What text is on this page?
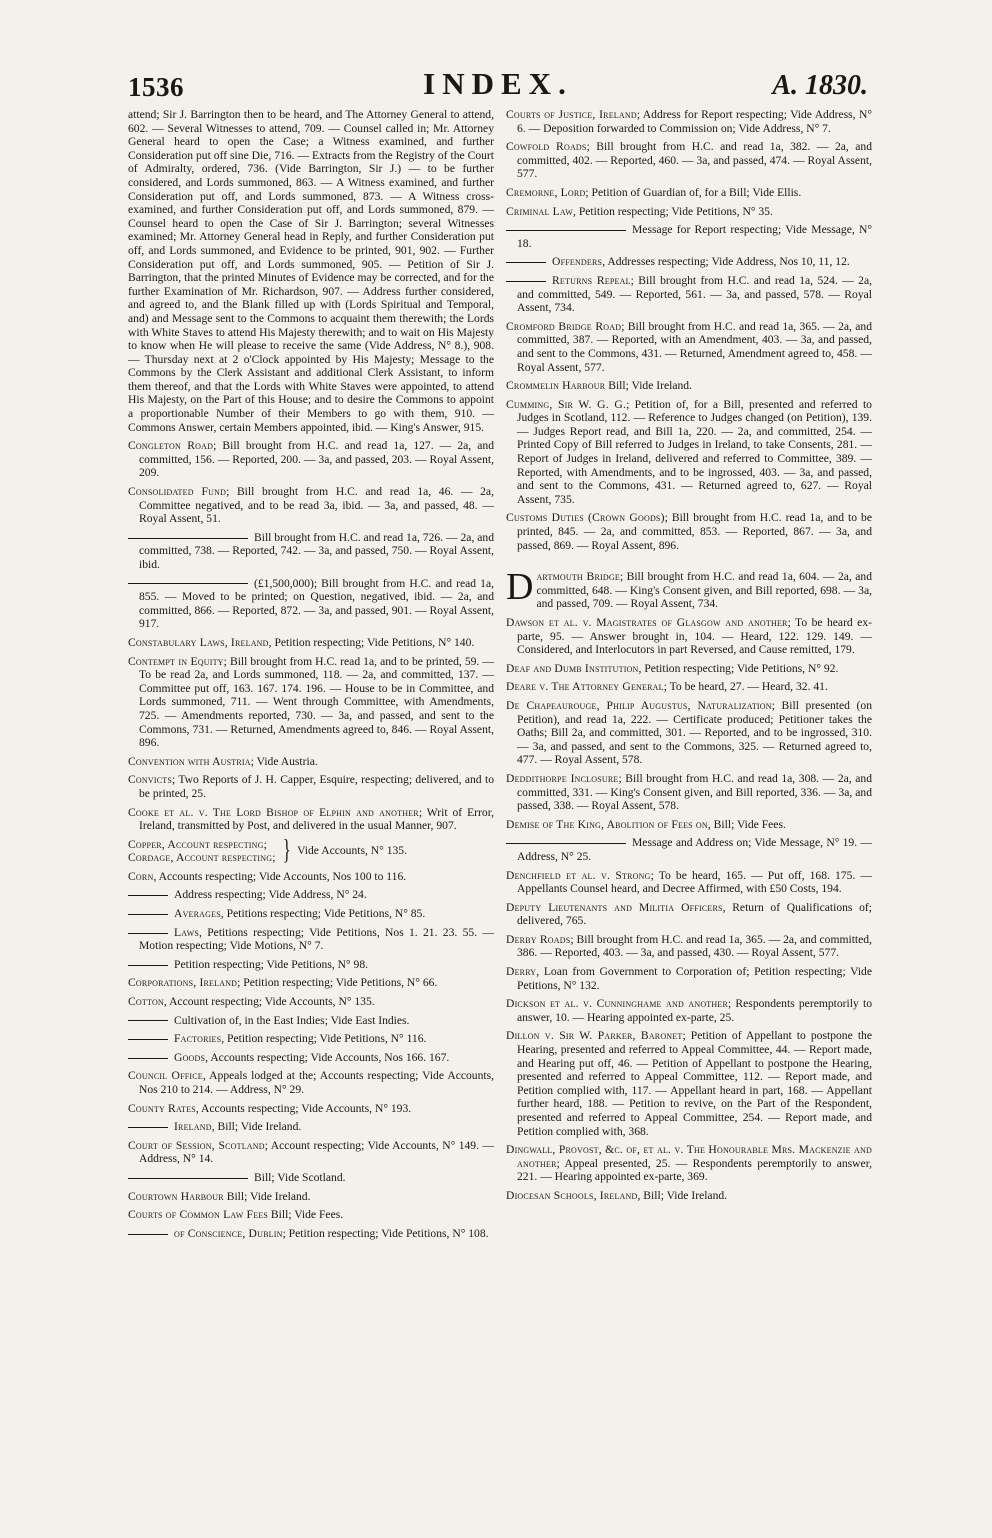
1536	INDEX.	A. 1830.
attend; Sir J. Barrington then to be heard, and The Attorney General to attend, 602. — Several Witnesses to attend, 709. — Counsel called in; Mr. Attorney General heard to open the Case; a Witness examined, and further Consideration put off sine Die, 716. — Extracts from the Registry of the Court of Admiralty, ordered, 736. (Vide Barrington, Sir J.) — to be further considered, and Lords summoned, 863. — A Witness examined, and further Consideration put off, and Lords summoned, 873. — A Witness cross-examined, and further Consideration put off, and Lords summoned, 879. — Counsel heard to open the Case of Sir J. Barrington; several Witnesses examined; Mr. Attorney General head in Reply, and further Consideration put off, and Lords summoned, and Evidence to be printed, 901, 902. — Further Consideration put off, and Lords summoned, 905. — Petition of Sir J. Barrington, that the printed Minutes of Evidence may be corrected, and for the further Examination of Mr. Richardson, 907. — Address further considered, and agreed to, and the Blank filled up with (Lords Spiritual and Temporal, and) and Message sent to the Commons to acquaint them therewith; the Lords with White Staves to attend His Majesty therewith; and to wait on His Majesty to know when He will please to receive the same (Vide Address, N° 8.), 908. — Thursday next at 2 o'Clock appointed by His Majesty; Message to the Commons by the Clerk Assistant and additional Clerk Assistant, to inform them thereof, and that the Lords with White Staves were appointed, to attend His Majesty, on the Part of this House; and to desire the Commons to appoint a proportionable Number of their Members to go with them, 910. — Commons Answer, certain Members appointed, ibid. — King's Answer, 915.
Congleton Road; Bill brought from H.C. and read 1a, 127. — 2a, and committed, 156. — Reported, 200. — 3a, and passed, 203. — Royal Assent, 209.
Consolidated Fund; Bill brought from H.C. and read 1a, 46. — 2a, Committee negatived, and to be read 3a, ibid. — 3a, and passed, 48. — Royal Assent, 51.
Bill brought from H.C. and read 1a, 726. — 2a, and committed, 738. — Reported, 742. — 3a, and passed, 750. — Royal Assent, ibid.
(£1,500,000); Bill brought from H.C. and read 1a, 855. — Moved to be printed; on Question, negatived, ibid. — 2a, and committed, 866. — Reported, 872. — 3a, and passed, 901. — Royal Assent, 917.
Constabulary Laws, Ireland, Petition respecting; Vide Petitions, N° 140.
Contempt in Equity; Bill brought from H.C. read 1a, and to be printed, 59. — To be read 2a, and Lords summoned, 118. — 2a, and committed, 137. — Committee put off, 163. 167. 174. 196. — House to be in Committee, and Lords summoned, 711. — Went through Committee, with Amendments, 725. — Amendments reported, 730. — 3a, and passed, and sent to the Commons, 731. — Returned, Amendments agreed to, 846. — Royal Assent, 896.
Convention with Austria; Vide Austria.
Convicts; Two Reports of J. H. Capper, Esquire, respecting; delivered, and to be printed, 25.
Cooke et al. v. The Lord Bishop of Elphin and another; Writ of Error, Ireland, transmitted by Post, and delivered in the usual Manner, 907.
Copper, Account respecting;
Cordage, Account respecting; } Vide Accounts, N° 135.
Corn, Accounts respecting; Vide Accounts, Nos 100 to 116.
Address respecting; Vide Address, N° 24.
Averages, Petitions respecting; Vide Petitions, N° 85.
Laws, Petitions respecting; Vide Petitions, Nos 1. 21. 23. 55. — Motion respecting; Vide Motions, N° 7.
Petition respecting; Vide Petitions, N° 98.
Corporations, Ireland; Petition respecting; Vide Petitions, N° 66.
Cotton, Account respecting; Vide Accounts, N° 135.
Cultivation of, in the East Indies; Vide East Indies.
Factories, Petition respecting; Vide Petitions, N° 116.
Goods, Accounts respecting; Vide Accounts, Nos 166. 167.
Council Office, Appeals lodged at the; Accounts respecting; Vide Accounts, Nos 210 to 214. — Address, N° 29.
County Rates, Accounts respecting; Vide Accounts, N° 193.
Ireland, Bill; Vide Ireland.
Court of Session, Scotland; Account respecting; Vide Accounts, N° 149. — Address, N° 14.
Bill; Vide Scotland.
Courtown Harbour Bill; Vide Ireland.
Courts of Common Law Fees Bill; Vide Fees.
of Conscience, Dublin; Petition respecting; Vide Petitions, N° 108.
Courts of Justice, Ireland; Address for Report respecting; Vide Address, N° 6. — Deposition forwarded to Commission on; Vide Address, N° 7.
Cowfold Roads; Bill brought from H.C. and read 1a, 382. — 2a, and committed, 402. — Reported, 460. — 3a, and passed, 474. — Royal Assent, 577.
Cremorne, Lord; Petition of Guardian of, for a Bill; Vide Ellis.
Criminal Law, Petition respecting; Vide Petitions, N° 35.
Message for Report respecting; Vide Message, N° 18.
Offenders, Addresses respecting; Vide Address, Nos 10, 11, 12.
Returns Repeal; Bill brought from H.C. and read 1a, 524. — 2a, and committed, 549. — Reported, 561. — 3a, and passed, 578. — Royal Assent, 734.
Cromford Bridge Road; Bill brought from H.C. and read 1a, 365. — 2a, and committed, 387. — Reported, with an Amendment, 403. — 3a, and passed, and sent to the Commons, 431. — Returned, Amendment agreed to, 458. — Royal Assent, 577.
Crommelin Harbour Bill; Vide Ireland.
Cumming, Sir W. G. G.; Petition of, for a Bill, presented and referred to Judges in Scotland, 112. — Reference to Judges changed (on Petition), 139. — Judges Report read, and Bill 1a, 220. — 2a, and committed, 254. — Printed Copy of Bill referred to Judges in Ireland, to take Consents, 281. — Report of Judges in Ireland, delivered and referred to Committee, 389. — Reported, with Amendments, and to be ingrossed, 403. — 3a, and passed, and sent to the Commons, 431. — Returned agreed to, 627. — Royal Assent, 735.
Customs Duties (Crown Goods); Bill brought from H.C. read 1a, and to be printed, 845. — 2a, and committed, 853. — Reported, 867. — 3a, and passed, 869. — Royal Assent, 896.
Dartmouth Bridge; Bill brought from H.C. and read 1a, 604. — 2a, and committed, 648. — King's Consent given, and Bill reported, 698. — 3a, and passed, 709. — Royal Assent, 734.
Dawson et al. v. Magistrates of Glasgow and another; To be heard ex-parte, 95. — Answer brought in, 104. — Heard, 122. 129. 149. — Considered, and Interlocutors in part Reversed, and Cause remitted, 179.
Deaf and Dumb Institution, Petition respecting; Vide Petitions, N° 92.
Deare v. The Attorney General; To be heard, 27. — Heard, 32. 41.
De Chapeaurouge, Philip Augustus, Naturalization; Bill presented (on Petition), and read 1a, 222. — Certificate produced; Petitioner takes the Oaths; Bill 2a, and committed, 301. — Reported, and to be ingrossed, 310. — 3a, and passed, and sent to the Commons, 325. — Returned agreed to, 477. — Royal Assent, 578.
Deddithorpe Inclosure; Bill brought from H.C. and read 1a, 308. — 2a, and committed, 331. — King's Consent given, and Bill reported, 336. — 3a, and passed, 338. — Royal Assent, 578.
Demise of The King, Abolition of Fees on, Bill; Vide Fees.
Message and Address on; Vide Message, N° 19. — Address, N° 25.
Denchfield et al. v. Strong; To be heard, 165. — Put off, 168. 175. — Appellants Counsel heard, and Decree Affirmed, with £50 Costs, 194.
Deputy Lieutenants and Militia Officers, Return of Qualifications of; delivered, 765.
Derby Roads; Bill brought from H.C. and read 1a, 365. — 2a, and committed, 386. — Reported, 403. — 3a, and passed, 430. — Royal Assent, 577.
Derry, Loan from Government to Corporation of; Petition respecting; Vide Petitions, N° 132.
Dickson et al. v. Cunninghame and another; Respondents peremptorily to answer, 10. — Hearing appointed ex-parte, 25.
Dillon v. Sir W. Parker, Baronet; Petition of Appellant to postpone the Hearing, presented and referred to Appeal Committee, 44. — Report made, and Hearing put off, 46. — Petition of Appellant to postpone the Hearing, presented and referred to Appeal Committee, 112. — Report made, and Petition complied with, 117. — Appellant heard in part, 168. — Appellant further heard, 188. — Petition to revive, on the Part of the Respondent, presented and referred to Appeal Committee, 254. — Report made, and Petition complied with, 368.
Dingwall, Provost, &c. of, et al. v. The Honourable Mrs. Mackenzie and another; Appeal presented, 25. — Respondents peremptorily to answer, 221. — Hearing appointed ex-parte, 369.
Diocesan Schools, Ireland, Bill; Vide Ireland.
